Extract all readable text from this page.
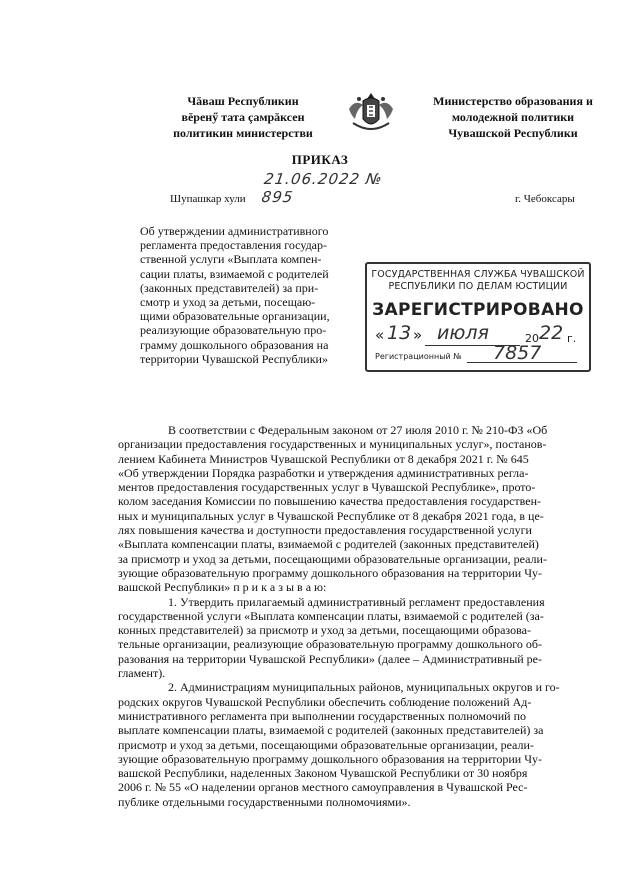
Чăваш Республикин
вĕренӳ тата çамрăксен
политикин министерстви
Министерство образования и
молодежной политики
Чувашской Республики
ПРИКАЗ
21.06.2022 № 895
Шупашкар хули	г. Чебоксары
Об утверждении административного
регламента предоставления государ-
ственной услуги «Выплата компен-
сации платы, взимаемой с родителей
(законных представителей) за при-
смотр и уход за детьми, посещаю-
щими образовательные организации,
реализующие образовательную про-
грамму дошкольного образования на
территории Чувашской Республики»
ГОСУДАРСТВЕННАЯ СЛУЖБА ЧУВАШСКОЙ
РЕСПУБЛИКИ ПО ДЕЛАМ ЮСТИЦИИ
ЗАРЕГИСТРИРОВАНО
« 13 » июля	20 22 г.
Регистрационный № 7857
В соответствии с Федеральным законом от 27 июля 2010 г. № 210-ФЗ «Об
организации предоставления государственных и муниципальных услуг», постанов-
лением Кабинета Министров Чувашской Республики от 8 декабря 2021 г. № 645
«Об утверждении Порядка разработки и утверждения административных регла-
ментов предоставления государственных услуг в Чувашской Республике», прото-
колом заседания Комиссии по повышению качества предоставления государствен-
ных и муниципальных услуг в Чувашской Республике от 8 декабря 2021 года, в це-
лях повышения качества и доступности предоставления государственной услуги
«Выплата компенсации платы, взимаемой с родителей (законных представителей)
за присмотр и уход за детьми, посещающими образовательные организации, реали-
зующие образовательную программу дошкольного образования на территории Чу-
вашской Республики» п р и к а з ы в а ю:
1. Утвердить прилагаемый административный регламент предоставления
государственной услуги «Выплата компенсации платы, взимаемой с родителей (за-
конных представителей) за присмотр и уход за детьми, посещающими образова-
тельные организации, реализующие образовательную программу дошкольного об-
разования на территории Чувашской Республики» (далее – Административный ре-
гламент).
2. Администрациям муниципальных районов, муниципальных округов и го-
родских округов Чувашской Республики обеспечить соблюдение положений Ад-
министративного регламента при выполнении государственных полномочий по
выплате компенсации платы, взимаемой с родителей (законных представителей) за
присмотр и уход за детьми, посещающими образовательные организации, реали-
зующие образовательную программу дошкольного образования на территории Чу-
вашской Республики, наделенных Законом Чувашской Республики от 30 ноября
2006 г. № 55 «О наделении органов местного самоуправления в Чувашской Рес-
публике отдельными государственными полномочиями».
